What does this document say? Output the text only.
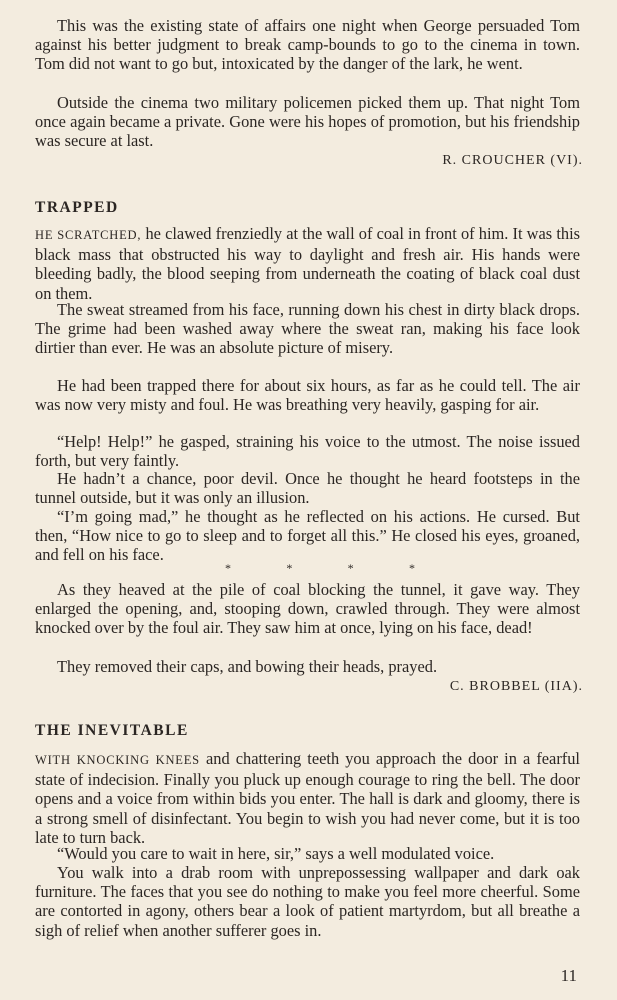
This was the existing state of affairs one night when George persuaded Tom against his better judgment to break camp-bounds to go to the cinema in town. Tom did not want to go but, intoxicated by the danger of the lark, he went.

Outside the cinema two military policemen picked them up. That night Tom once again became a private. Gone were his hopes of promotion, but his friendship was secure at last.

R. CROUCHER (VI).

TRAPPED

HE SCRATCHED, he clawed frenziedly at the wall of coal in front of him. It was this black mass that obstructed his way to daylight and fresh air. His hands were bleeding badly, the blood seeping from underneath the coating of black coal dust on them.

The sweat streamed from his face, running down his chest in dirty black drops. The grime had been washed away where the sweat ran, making his face look dirtier than ever. He was an absolute picture of misery.

He had been trapped there for about six hours, as far as he could tell. The air was now very misty and foul. He was breathing very heavily, gasping for air.

“Help! Help!” he gasped, straining his voice to the utmost. The noise issued forth, but very faintly.

He hadn’t a chance, poor devil. Once he thought he heard footsteps in the tunnel outside, but it was only an illusion.

“I’m going mad,” he thought as he reflected on his actions. He cursed. But then, “How nice to go to sleep and to forget all this.” He closed his eyes, groaned, and fell on his face.

*	*	*	*

As they heaved at the pile of coal blocking the tunnel, it gave way. They enlarged the opening, and, stooping down, crawled through. They were almost knocked over by the foul air. They saw him at once, lying on his face, dead!

They removed their caps, and bowing their heads, prayed.

C. BROBBEL (IIA).

THE INEVITABLE

WITH KNOCKING KNEES and chattering teeth you approach the door in a fearful state of indecision. Finally you pluck up enough courage to ring the bell. The door opens and a voice from within bids you enter. The hall is dark and gloomy, there is a strong smell of disinfectant. You begin to wish you had never come, but it is too late to turn back.

“Would you care to wait in here, sir,” says a well modulated voice.

You walk into a drab room with unprepossessing wallpaper and dark oak furniture. The faces that you see do nothing to make you feel more cheerful. Some are contorted in agony, others bear a look of patient martyrdom, but all breathe a sigh of relief when another sufferer goes in.

11
